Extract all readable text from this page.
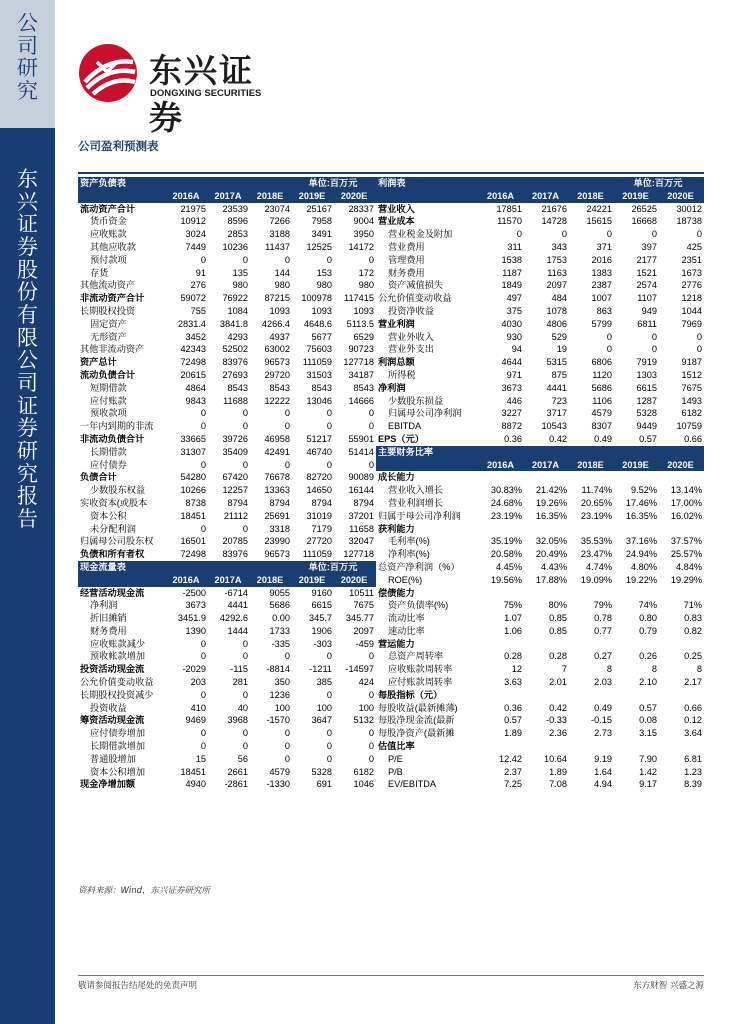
公
司
研
究
东
兴
证
券
股
份
有
限
公
司
证
券
研
究
报
告
东兴证券
DONGXING SECURITIES
公司盈利预测表
资产负债表				单位:百万元	
	2016A	2017A	2018E	2019E	2020E
流动资产合计	21975	23539	23074	25167	28337
货币资金	10912	8596	7266	7958	9004
应收账款	3024	2853	3188	3491	3950
其他应收款	7449	10236	11437	12525	14172
预付款项	0	0	0	0	0
存货	91	135	144	153	172
其他流动资产	276	980	980	980	980
非流动资产合计	59072	76922	87215	100978	117415
长期股权投资	755	1084	1093	1093	1093
固定资产	2831.4	3841.8	4266.4	4648.6	5113.5
无形资产	3452	4293	4937	5677	6529
其他非流动资产	42343	52502	63002	75603	90723
资产总计	72498	83976	96573	111059	127718
流动负债合计	20615	27693	29720	31503	34187
短期借款	4864	8543	8543	8543	8543
应付账款	9843	11688	12222	13046	14666
预收款项	0	0	0	0	0
一年内到期的非流	0	0	0	0	0
非流动负债合计	33665	39726	46958	51217	55901
长期借款	31307	35409	42491	46740	51414
应付债券	0	0	0	0	0
负债合计	54280	67420	76678	82720	90089
少数股东权益	10266	12257	13363	14650	16144
实收资本(或股本	8738	8794	8794	8794	8794
资本公积	18451	21112	25691	31019	37201
未分配利润	0	0	3318	7179	11658
归属母公司股东权	16501	20785	23990	27720	32047
负债和所有者权	72498	83976	96573	111059	127718
现金流量表				单位:百万元	
	2016A	2017A	2018E	2019E	2020E
经营活动现金流	-2500	-6714	9055	9160	10511
净利润	3673	4441	5686	6615	7675
折旧摊销	3451.9	4292.6	0.00	345.7	345.77
财务费用	1390	1444	1733	1906	2097
应收账款减少	0	0	-335	-303	-459
预收帐款增加	0	0	0	0	0
投资活动现金流	-2029	-115	-8814	-1211	-14597
公允价值变动收益	203	281	350	385	424
长期股权投资减少	0	0	1236	0	0
投资收益	410	40	100	100	100
筹资活动现金流	9469	3968	-1570	3647	5132
应付债券增加	0	0	0	0	0
长期借款增加	0	0	0	0	0
普通股增加	15	56	0	0	0
资本公积增加	18451	2661	4579	5328	6182
现金净增加额	4940	-2861	-1330	691	1046
利润表				单位:百万元	
	2016A	2017A	2018E	2019E	2020E
营业收入	17851	21676	24221	26525	30012
营业成本	11570	14728	15615	16668	18738
营业税金及附加	0	0	0	0	0
营业费用	311	343	371	397	425
管理费用	1538	1753	2016	2177	2351
财务费用	1187	1163	1383	1521	1673
资产减值损失	1849	2097	2387	2574	2776
公允价值变动收益	497	484	1007	1107	1218
投资净收益	375	1078	863	949	1044
营业利润	4030	4806	5799	6811	7969
营业外收入	930	529	0	0	0
营业外支出	94	19	0	0	0
利润总额	4644	5315	6806	7919	9187
所得税	971	875	1120	1303	1512
净利润	3673	4441	5686	6615	7675
少数股东损益	446	723	1106	1287	1493
归属母公司净利润	3227	3717	4579	5328	6182
EBITDA	8872	10543	8307	9449	10759
EPS（元）	0.36	0.42	0.49	0.57	0.66
主要财务比率					
	2016A	2017A	2018E	2019E	2020E
成长能力					
营业收入增长	30.83%	21.42%	11.74%	9.52%	13.14%
营业利润增长	24.68%	19.26%	20.65%	17.46%	17.00%
归属于母公司净利润	23.19%	16.35%	23.19%	16.35%	16.02%
获利能力					
毛利率(%)	35.19%	32.05%	35.53%	37.16%	37.57%
净利率(%)	20.58%	20.49%	23.47%	24.94%	25.57%
总资产净利润（%）	4.45%	4.43%	4.74%	4.80%	4.84%
ROE(%)	19.56%	17.88%	19.09%	19.22%	19.29%
偿债能力					
资产负债率(%)	75%	80%	79%	74%	71%
流动比率	1.07	0.85	0.78	0.80	0.83
速动比率	1.06	0.85	0.77	0.79	0.82
营运能力					
总资产周转率	0.28	0.28	0.27	0.26	0.25
应收账款周转率	12	7	8	8	8
应付账款周转率	3.63	2.01	2.03	2.10	2.17
每股指标（元）					
每股收益(最新摊薄)	0.36	0.42	0.49	0.57	0.66
每股净现金流(最新	0.57	-0.33	-0.15	0.08	0.12
每股净资产(最新摊	1.89	2.36	2.73	3.15	3.64
估值比率					
P/E	12.42	10.64	9.19	7.90	6.81
P/B	2.37	1.89	1.64	1.42	1.23
EV/EBITDA	7.25	7.08	4.94	9.17	8.39
资料来源：Wind，东兴证券研究所
敬请参阅报告结尾处的免责声明	东方财智 兴盛之源
